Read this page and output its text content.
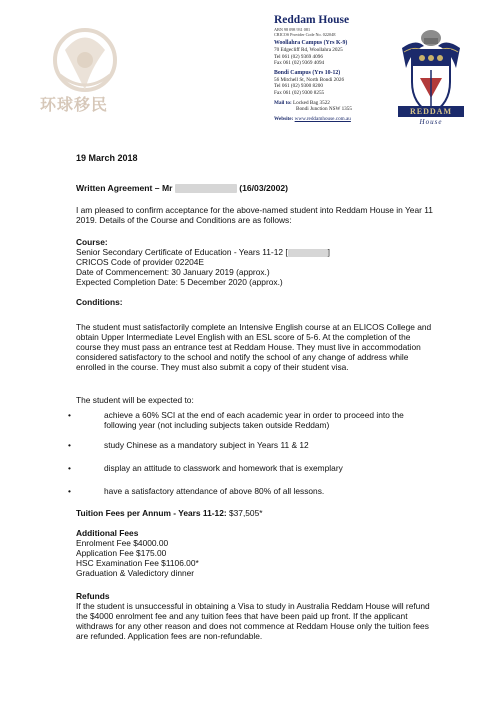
环球移民
Reddam House
ABN 98 098 931 081
CRICOS Provider Code No. 02204E
Woollahra Campus (Yrs K-9)
70 Edgecliff Rd, Woollahra 2025
Tel 061 (02) 9369 4096
Fax 061 (02) 9369 4094
Bondi Campus (Yrs 10-12)
56 Mitchell St, North Bondi 2026
Tel 061 (02) 9300 8200
Fax 061 (02) 9300 8255
Mail to: Locked Bag 3522
Bondi Junction NSW 1355
Website: www.reddamhouse.com.au
REDDAM
House
19 March 2018
Written Agreement – Mr	(16/03/2002)
I am pleased to confirm acceptance for the above-named student into Reddam House in Year 11 2019. Details of the Course and Conditions are as follows:
Course:
Senior Secondary Certificate of Education - Years 11-12 [	]
CRICOS Code of provider 02204E
Date of Commencement: 30 January 2019 (approx.)
Expected Completion Date: 5 December 2020 (approx.)
Conditions:
The student must satisfactorily complete an Intensive English course at an ELICOS College and obtain Upper Intermediate Level English with an ESL score of 5-6. At the completion of the course they must pass an entrance test at Reddam House. They must live in accommodation considered satisfactory to the school and notify the school of any change of address while enrolled in the course. They must also submit a copy of their student visa.
The student will be expected to:
•	achieve a 60% SCI at the end of each academic year in order to proceed into the following year (not including subjects taken outside Reddam)
•	study Chinese as a mandatory subject in Years 11 & 12
•	display an attitude to classwork and homework that is exemplary
•	have a satisfactory attendance of above 80% of all lessons.
Tuition Fees per Annum - Years 11-12: $37,505*
Additional Fees
Enrolment Fee $4000.00
Application Fee $175.00
HSC Examination Fee $1106.00*
Graduation & Valedictory dinner
Refunds
If the student is unsuccessful in obtaining a Visa to study in Australia Reddam House will refund the $4000 enrolment fee and any tuition fees that have been paid up front. If the applicant withdraws for any other reason and does not commence at Reddam House only the tuition fees are refunded. Application fees are non-refundable.
